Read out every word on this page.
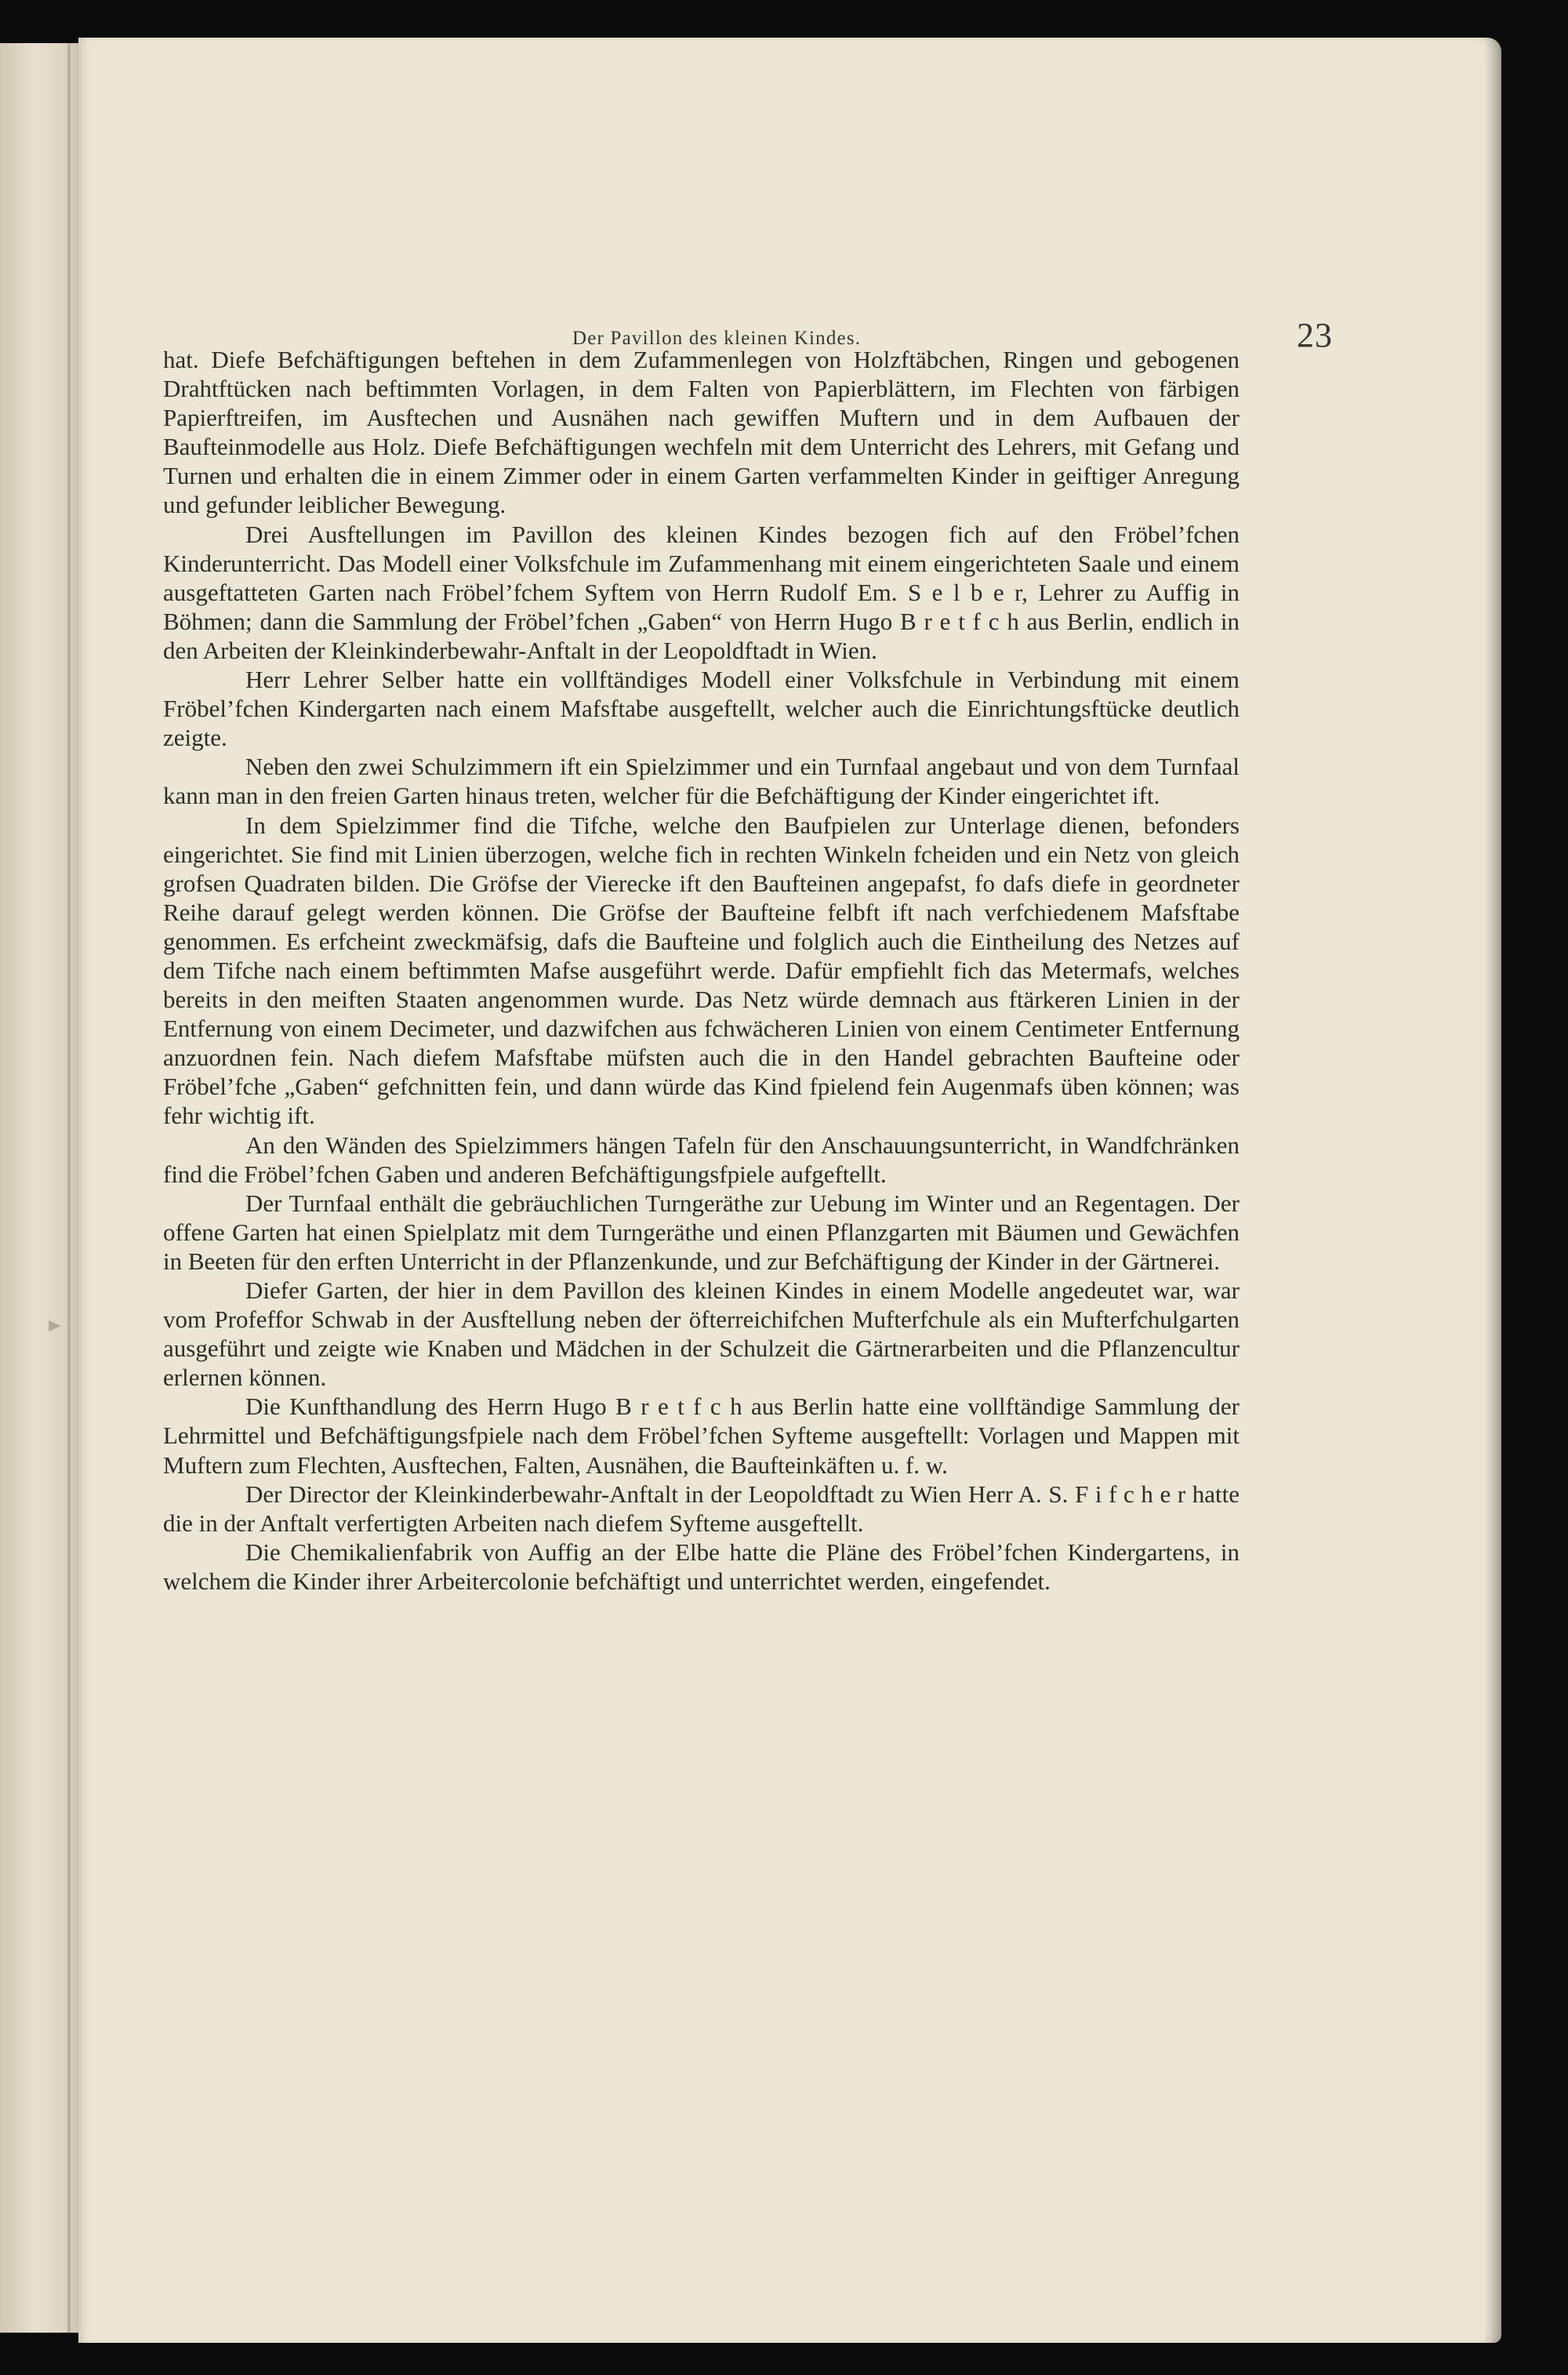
Der Pavillon des kleinen Kindes.	23

hat. Diefe Befchäftigungen beftehen in dem Zufammenlegen von Holzftäbchen, Ringen und gebogenen Drahtftücken nach beftimmten Vorlagen, in dem Falten von Papierblättern, im Flechten von färbigen Papierftreifen, im Ausftechen und Ausnähen nach gewiffen Muftern und in dem Aufbauen der Baufteinmodelle aus Holz. Diefe Befchäftigungen wechfeln mit dem Unterricht des Lehrers, mit Gefang und Turnen und erhalten die in einem Zimmer oder in einem Garten verfammelten Kinder in geiftiger Anregung und gefunder leiblicher Bewegung.

Drei Ausftellungen im Pavillon des kleinen Kindes bezogen fich auf den Fröbel’fchen Kinderunterricht. Das Modell einer Volksfchule im Zufammenhang mit einem eingerichteten Saale und einem ausgeftatteten Garten nach Fröbel’fchem Syftem von Herrn Rudolf Em. S e l b e r, Lehrer zu Auffig in Böhmen; dann die Sammlung der Fröbel’fchen „Gaben“ von Herrn Hugo B r e t f c h aus Berlin, endlich in den Arbeiten der Kleinkinderbewahr-Anftalt in der Leopoldftadt in Wien.

Herr Lehrer Selber hatte ein vollftändiges Modell einer Volksfchule in Verbindung mit einem Fröbel’fchen Kindergarten nach einem Mafsftabe ausgeftellt, welcher auch die Einrichtungsftücke deutlich zeigte.

Neben den zwei Schulzimmern ift ein Spielzimmer und ein Turnfaal angebaut und von dem Turnfaal kann man in den freien Garten hinaus treten, welcher für die Befchäftigung der Kinder eingerichtet ift.

In dem Spielzimmer find die Tifche, welche den Baufpielen zur Unterlage dienen, befonders eingerichtet. Sie find mit Linien überzogen, welche fich in rechten Winkeln fcheiden und ein Netz von gleich grofsen Quadraten bilden. Die Gröfse der Vierecke ift den Baufteinen angepafst, fo dafs diefe in geordneter Reihe darauf gelegt werden können. Die Gröfse der Baufteine felbft ift nach verfchiedenem Mafsftabe genommen. Es erfcheint zweckmäfsig, dafs die Baufteine und folglich auch die Eintheilung des Netzes auf dem Tifche nach einem beftimmten Mafse ausgeführt werde. Dafür empfiehlt fich das Metermafs, welches bereits in den meiften Staaten angenommen wurde. Das Netz würde demnach aus ftärkeren Linien in der Entfernung von einem Decimeter, und dazwifchen aus fchwächeren Linien von einem Centimeter Entfernung anzuordnen fein. Nach diefem Mafsftabe müfsten auch die in den Handel gebrachten Baufteine oder Fröbel’fche „Gaben“ gefchnitten fein, und dann würde das Kind fpielend fein Augenmafs üben können; was fehr wichtig ift.

An den Wänden des Spielzimmers hängen Tafeln für den Anschauungsunterricht, in Wandfchränken find die Fröbel’fchen Gaben und anderen Befchäftigungsfpiele aufgeftellt.

Der Turnfaal enthält die gebräuchlichen Turngeräthe zur Uebung im Winter und an Regentagen. Der offene Garten hat einen Spielplatz mit dem Turngeräthe und einen Pflanzgarten mit Bäumen und Gewächfen in Beeten für den erften Unterricht in der Pflanzenkunde, und zur Befchäftigung der Kinder in der Gärtnerei.

Diefer Garten, der hier in dem Pavillon des kleinen Kindes in einem Modelle angedeutet war, war vom Profeffor Schwab in der Ausftellung neben der öfterreichifchen Mufterfchule als ein Mufterfchulgarten ausgeführt und zeigte wie Knaben und Mädchen in der Schulzeit die Gärtnerarbeiten und die Pflanzencultur erlernen können.

Die Kunfthandlung des Herrn Hugo B r e t f c h aus Berlin hatte eine vollftändige Sammlung der Lehrmittel und Befchäftigungsfpiele nach dem Fröbel’fchen Syfteme ausgeftellt: Vorlagen und Mappen mit Muftern zum Flechten, Ausftechen, Falten, Ausnähen, die Baufteinkäften u. f. w.

Der Director der Kleinkinderbewahr-Anftalt in der Leopoldftadt zu Wien Herr A. S. F i f c h e r hatte die in der Anftalt verfertigten Arbeiten nach diefem Syfteme ausgeftellt.

Die Chemikalienfabrik von Auffig an der Elbe hatte die Pläne des Fröbel’fchen Kindergartens, in welchem die Kinder ihrer Arbeitercolonie befchäftigt und unterrichtet werden, eingefendet.
